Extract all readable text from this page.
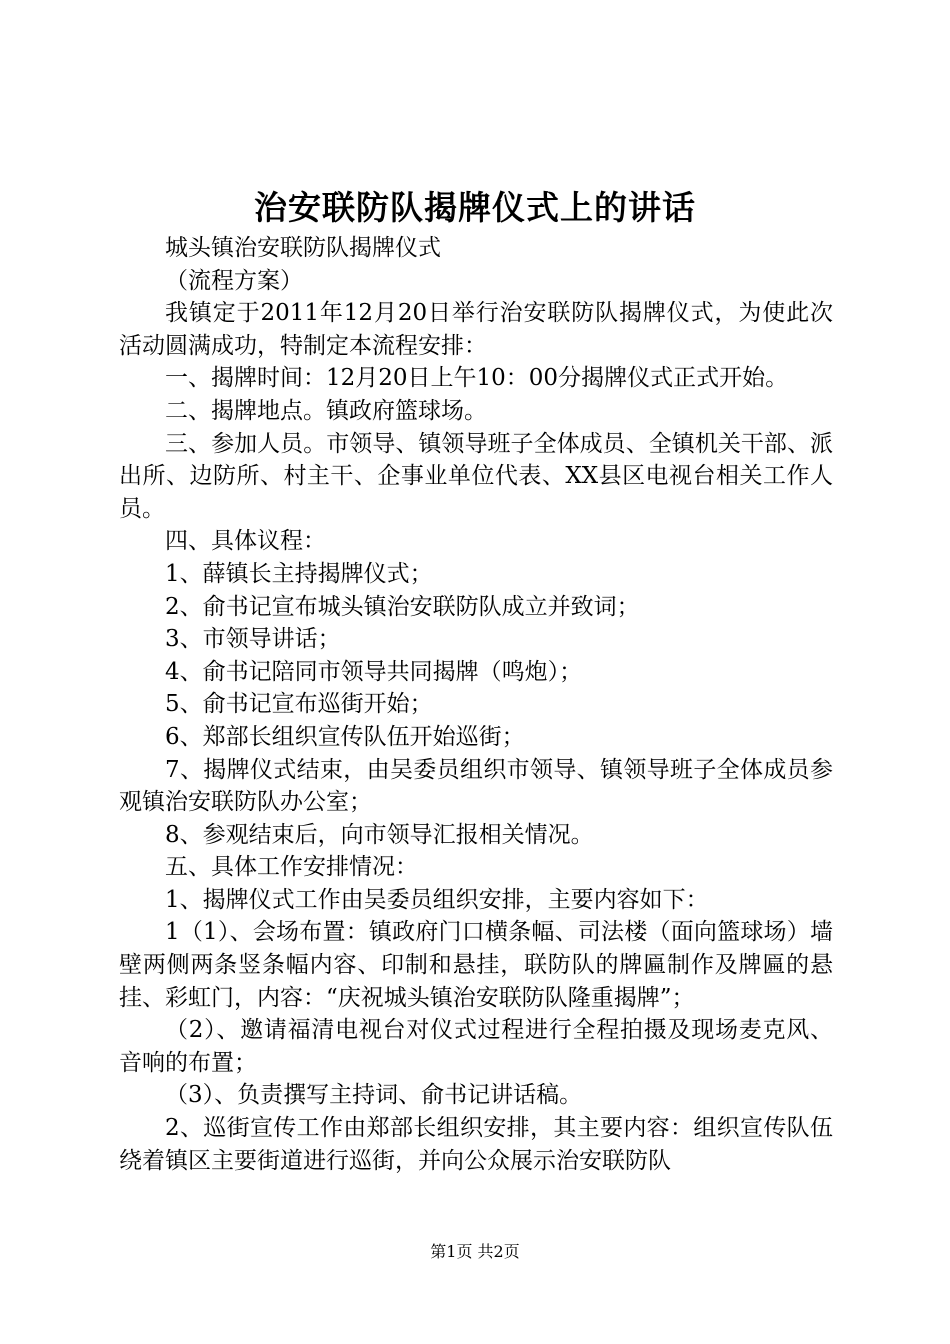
治安联防队揭牌仪式上的讲话

城头镇治安联防队揭牌仪式

（流程方案）

我镇定于2011年12月20日举行治安联防队揭牌仪式，为使此次活动圆满成功，特制定本流程安排：

一、揭牌时间：12月20日上午10：00分揭牌仪式正式开始。

二、揭牌地点。镇政府篮球场。

三、参加人员。市领导、镇领导班子全体成员、全镇机关干部、派出所、边防所、村主干、企事业单位代表、XX县区电视台相关工作人员。

四、具体议程：

1、薛镇长主持揭牌仪式；

2、俞书记宣布城头镇治安联防队成立并致词；

3、市领导讲话；

4、俞书记陪同市领导共同揭牌（鸣炮）；

5、俞书记宣布巡街开始；

6、郑部长组织宣传队伍开始巡街；

7、揭牌仪式结束，由吴委员组织市领导、镇领导班子全体成员参观镇治安联防队办公室；

8、参观结束后，向市领导汇报相关情况。

五、具体工作安排情况：

1、揭牌仪式工作由吴委员组织安排，主要内容如下：

1（1）、会场布置：镇政府门口横条幅、司法楼（面向篮球场）墙壁两侧两条竖条幅内容、印制和悬挂，联防队的牌匾制作及牌匾的悬挂、彩虹门，内容：“庆祝城头镇治安联防队隆重揭牌”；

（2）、邀请福清电视台对仪式过程进行全程拍摄及现场麦克风、音响的布置；

（3）、负责撰写主持词、俞书记讲话稿。

2、巡街宣传工作由郑部长组织安排，其主要内容：组织宣传队伍绕着镇区主要街道进行巡街，并向公众展示治安联防队

第1页 共2页
